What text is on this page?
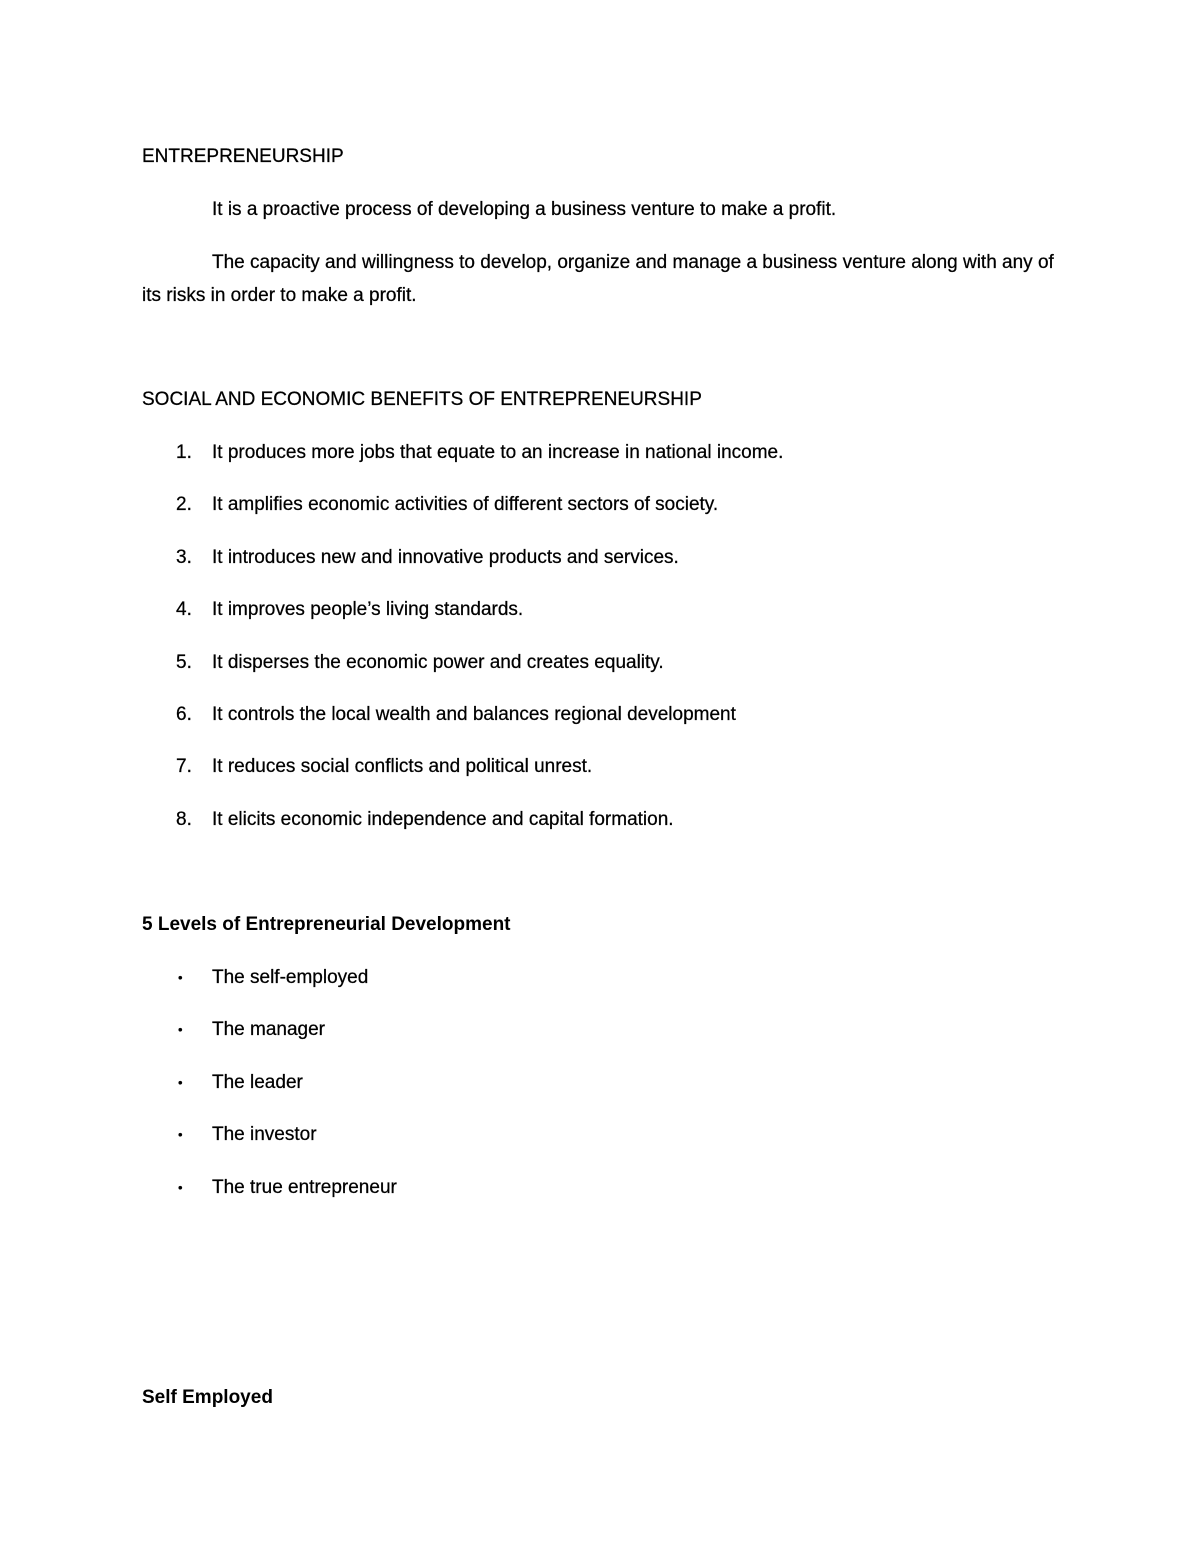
ENTREPRENEURSHIP

It is a proactive process of developing a business venture to make a profit.

The capacity and willingness to develop, organize and manage a business venture along with any of its risks in order to make a profit.

SOCIAL AND ECONOMIC BENEFITS OF ENTREPRENEURSHIP
1. It produces more jobs that equate to an increase in national income.
2. It amplifies economic activities of different sectors of society.
3. It introduces new and innovative products and services.
4. It improves people’s living standards.
5. It disperses the economic power and creates equality.
6. It controls the local wealth and balances regional development
7. It reduces social conflicts and political unrest.
8. It elicits economic independence and capital formation.
5 Levels of Entrepreneurial Development
• The self-employed
• The manager
• The leader
• The investor
• The true entrepreneur
Self Employed
